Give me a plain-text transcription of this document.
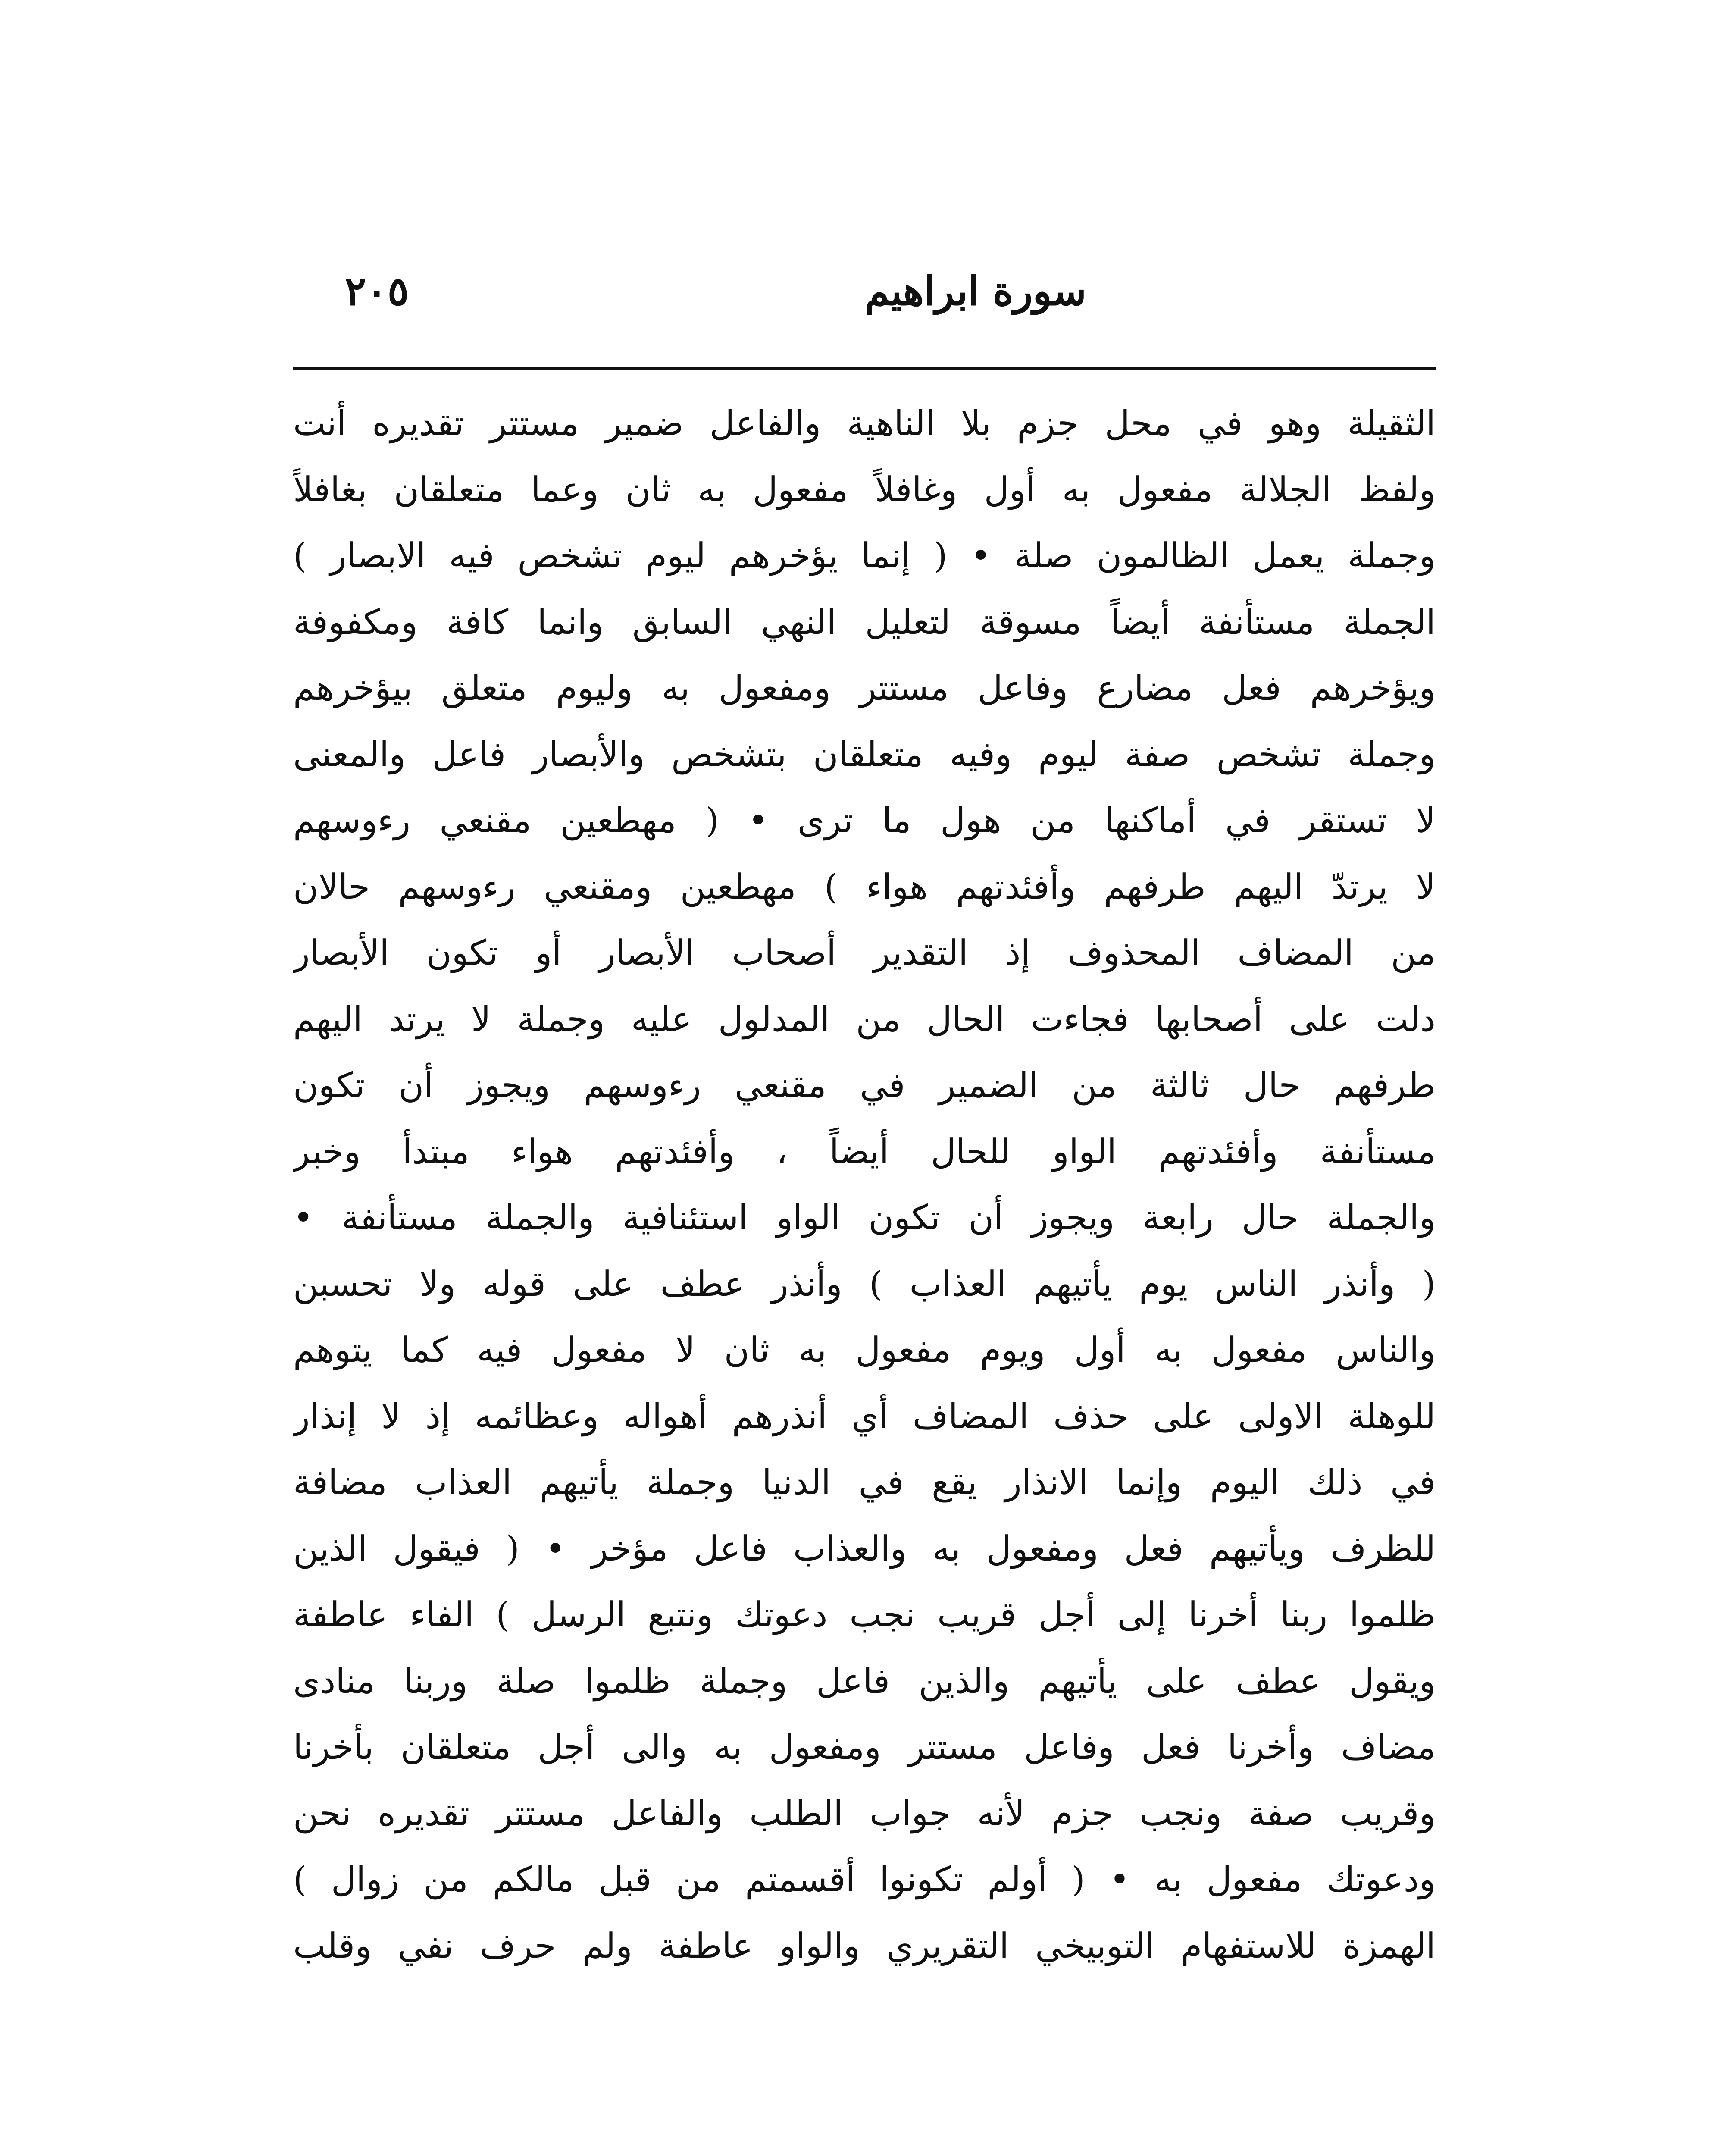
سورة ابراهيم
٢٠٥
الثقيلة وهو في محل جزم بلا الناهية والفاعل ضمير مستتر تقديره أنت
ولفظ الجلالة مفعول به أول وغافلاً مفعول به ثان وعما متعلقان بغافلاً
وجملة يعمل الظالمون صلة • ( إنما يؤخرهم ليوم تشخص فيه الابصار )
الجملة مستأنفة أيضاً مسوقة لتعليل النهي السابق وانما كافة ومكفوفة
ويؤخرهم فعل مضارع وفاعل مستتر ومفعول به وليوم متعلق بيؤخرهم
وجملة تشخص صفة ليوم وفيه متعلقان بتشخص والأبصار فاعل والمعنى
لا تستقر في أماكنها من هول ما ترى • ( مهطعين مقنعي رءوسهم
لا يرتدّ اليهم طرفهم وأفئدتهم هواء ) مهطعين ومقنعي رءوسهم حالان
من المضاف المحذوف إذ التقدير أصحاب الأبصار أو تكون الأبصار
دلت على أصحابها فجاءت الحال من المدلول عليه وجملة لا يرتد اليهم
طرفهم حال ثالثة من الضمير في مقنعي رءوسهم ويجوز أن تكون
مستأنفة وأفئدتهم الواو للحال أيضاً ، وأفئدتهم هواء مبتدأ وخبر
والجملة حال رابعة ويجوز أن تكون الواو استئنافية والجملة مستأنفة •
( وأنذر الناس يوم يأتيهم العذاب ) وأنذر عطف على قوله ولا تحسبن
والناس مفعول به أول ويوم مفعول به ثان لا مفعول فيه كما يتوهم
للوهلة الاولى على حذف المضاف أي أنذرهم أهواله وعظائمه إذ لا إنذار
في ذلك اليوم وإنما الانذار يقع في الدنيا وجملة يأتيهم العذاب مضافة
للظرف ويأتيهم فعل ومفعول به والعذاب فاعل مؤخر • ( فيقول الذين
ظلموا ربنا أخرنا إلى أجل قريب نجب دعوتك ونتبع الرسل ) الفاء عاطفة
ويقول عطف على يأتيهم والذين فاعل وجملة ظلموا صلة وربنا منادى
مضاف وأخرنا فعل وفاعل مستتر ومفعول به والى أجل متعلقان بأخرنا
وقريب صفة ونجب جزم لأنه جواب الطلب والفاعل مستتر تقديره نحن
ودعوتك مفعول به • ( أولم تكونوا أقسمتم من قبل مالكم من زوال )
الهمزة للاستفهام التوبيخي التقريري والواو عاطفة ولم حرف نفي وقلب
